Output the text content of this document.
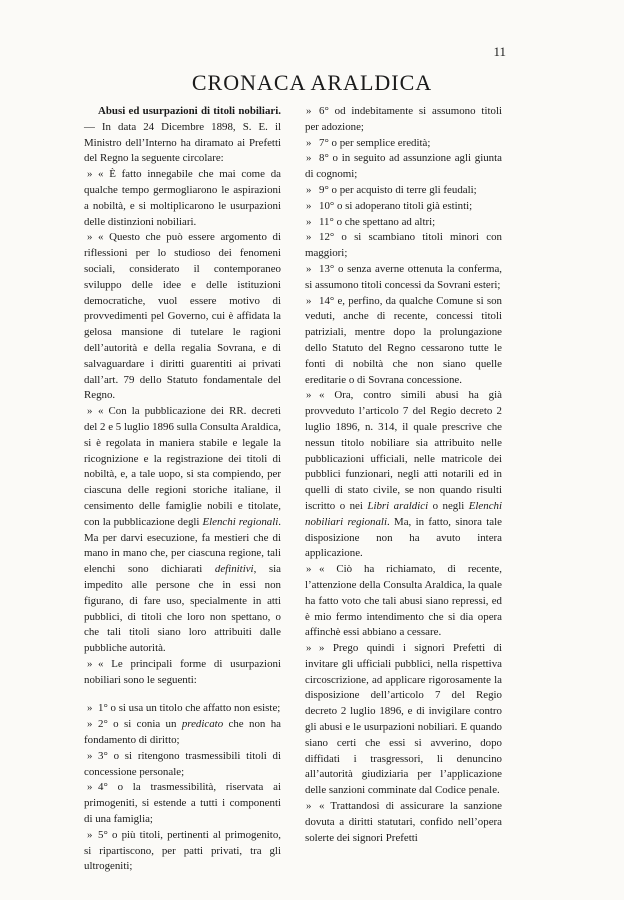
11
CRONACA ARALDICA

Abusi ed usurpazioni di titoli nobiliari. — In data 24 Dicembre 1898, S. E. il Ministro dell’Interno ha diramato ai Prefetti del Regno la seguente circolare:

» « È fatto innegabile che mai come da qualche tempo germogliarono le aspirazioni a nobiltà, e si moltiplicarono le usurpazioni delle distinzioni nobiliari.

» « Questo che può essere argomento di riflessioni per lo studioso dei fenomeni sociali, considerato il contemporaneo sviluppo delle idee e delle istituzioni democratiche, vuol essere motivo di provvedimenti pel Governo, cui è affidata la gelosa mansione di tutelare le ragioni dell’autorità e della regalia Sovrana, e di salvaguardare i diritti guarentiti ai privati dall’art. 79 dello Statuto fondamentale del Regno.

» « Con la pubblicazione dei RR. decreti del 2 e 5 luglio 1896 sulla Consulta Araldica, si è regolata in maniera stabile e legale la ricognizione e la registrazione dei titoli di nobiltà, e, a tale uopo, si sta compiendo, per ciascuna delle regioni storiche italiane, il censimento delle famiglie nobili e titolate, con la pubblicazione degli Elenchi regionali. Ma per darvi esecuzione, fa mestieri che di mano in mano che, per ciascuna regione, tali elenchi sono dichiarati definitivi, sia impedito alle persone che in essi non figurano, di fare uso, specialmente in atti pubblici, di titoli che loro non spettano, o che tali titoli siano loro attribuiti dalle pubbliche autorità.

» « Le principali forme di usurpazioni nobiliari sono le seguenti:

» 1° o si usa un titolo che affatto non esiste;

» 2° o si conia un predicato che non ha fondamento di diritto;

» 3° o si ritengono trasmessibili titoli di concessione personale;

» 4° o la trasmessibilità, riservata ai primogeniti, si estende a tutti i componenti di una famiglia;

» 5° o più titoli, pertinenti al primogenito, si ripartiscono, per patti privati, tra gli ultrogeniti;

» 6° od indebitamente si assumono titoli per adozione;

» 7° o per semplice eredità;

» 8° o in seguito ad assunzione agli giunta di cognomi;

» 9° o per acquisto di terre gli feudali;

» 10° o si adoperano titoli già estinti;

» 11° o che spettano ad altri;

» 12° o si scambiano titoli minori con maggiori;

» 13° o senza averne ottenuta la conferma, si assumono titoli concessi da Sovrani esteri;

» 14° e, perfino, da qualche Comune si son veduti, anche di recente, concessi titoli patriziali, mentre dopo la prolungazione dello Statuto del Regno cessarono tutte le fonti di nobiltà che non siano quelle ereditarie o di Sovrana concessione.

» « Ora, contro simili abusi ha già provveduto l’articolo 7 del Regio decreto 2 luglio 1896, n. 314, il quale prescrive che nessun titolo nobiliare sia attribuito nelle pubblicazioni ufficiali, nelle matricole dei pubblici funzionari, negli atti notarili ed in quelli di stato civile, se non quando risulti iscritto o nei Libri araldici o negli Elenchi nobiliari regionali. Ma, in fatto, sinora tale disposizione non ha avuto intera applicazione.

» « Ciò ha richiamato, di recente, l’attenzione della Consulta Araldica, la quale ha fatto voto che tali abusi siano repressi, ed è mio fermo intendimento che si dia opera affinchè essi abbiano a cessare.

» » Prego quindi i signori Prefetti di invitare gli ufficiali pubblici, nella rispettiva circoscrizione, ad applicare rigorosamente la disposizione dell’articolo 7 del Regio decreto 2 luglio 1896, e di invigilare contro gli abusi e le usurpazioni nobiliari. E quando siano certi che essi si avverino, dopo diffidati i trasgressori, li denuncino all’autorità giudiziaria per l’applicazione delle sanzioni comminate dal Codice penale.

» « Trattandosi di assicurare la sanzione dovuta a diritti statutari, confido nell’opera solerte dei signori Prefetti
